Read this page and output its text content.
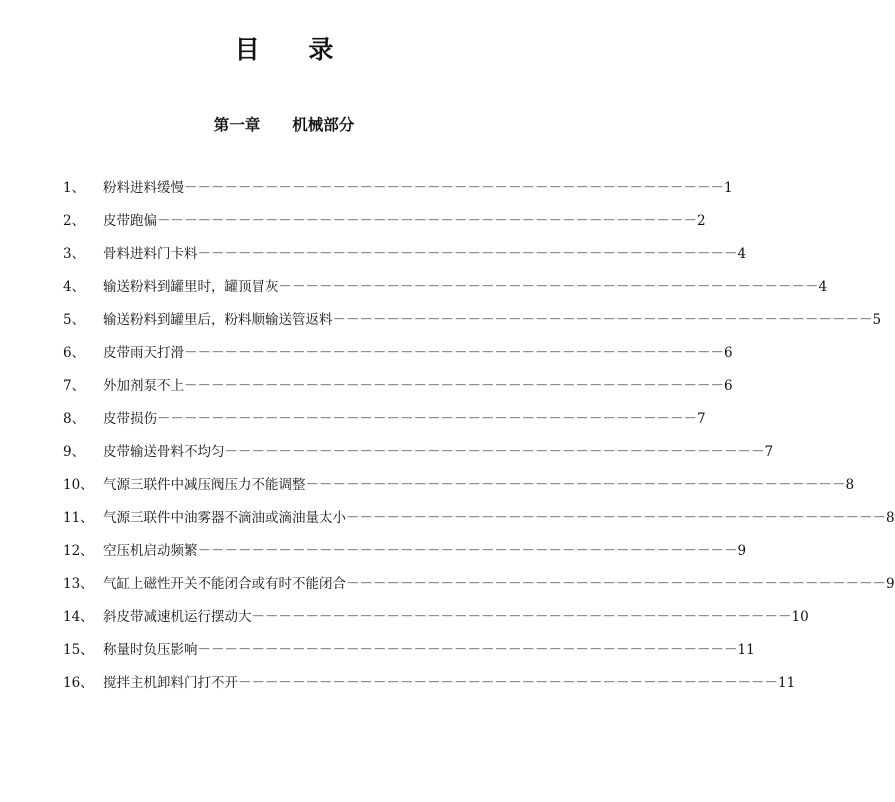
目 录
第一章 机械部分
1、 粉料进料缓慢 －－－－－－－－－－－－－－－－－－－－－－－－－－－－－－－－－－－－－－－－ 1
2、 皮带跑偏 －－－－－－－－－－－－－－－－－－－－－－－－－－－－－－－－－－－－－－－－ 2
3、 骨料进料门卡料 －－－－－－－－－－－－－－－－－－－－－－－－－－－－－－－－－－－－－－－－ 4
4、 输送粉料到罐里时，罐顶冒灰 －－－－－－－－－－－－－－－－－－－－－－－－－－－－－－－－－－－－－－－－ 4
5、 输送粉料到罐里后，粉料顺输送管返料 －－－－－－－－－－－－－－－－－－－－－－－－－－－－－－－－－－－－－－－－ 5
6、 皮带雨天打滑 －－－－－－－－－－－－－－－－－－－－－－－－－－－－－－－－－－－－－－－－ 6
7、 外加剂泵不上 －－－－－－－－－－－－－－－－－－－－－－－－－－－－－－－－－－－－－－－－ 6
8、 皮带损伤 －－－－－－－－－－－－－－－－－－－－－－－－－－－－－－－－－－－－－－－－ 7
9、 皮带输送骨料不均匀 －－－－－－－－－－－－－－－－－－－－－－－－－－－－－－－－－－－－－－－－ 7
10、 气源三联件中减压阀压力不能调整 －－－－－－－－－－－－－－－－－－－－－－－－－－－－－－－－－－－－－－－－ 8
11、 气源三联件中油雾器不滴油或滴油量太小 －－－－－－－－－－－－－－－－－－－－－－－－－－－－－－－－－－－－－－－－ 8
12、 空压机启动频繁 －－－－－－－－－－－－－－－－－－－－－－－－－－－－－－－－－－－－－－－－ 9
13、 气缸上磁性开关不能闭合或有时不能闭合 －－－－－－－－－－－－－－－－－－－－－－－－－－－－－－－－－－－－－－－－ 9
14、 斜皮带减速机运行摆动大 －－－－－－－－－－－－－－－－－－－－－－－－－－－－－－－－－－－－－－－－ 10
15、 称量时负压影响 －－－－－－－－－－－－－－－－－－－－－－－－－－－－－－－－－－－－－－－－ 11
16、 搅拌主机卸料门打不开 －－－－－－－－－－－－－－－－－－－－－－－－－－－－－－－－－－－－－－－－ 11
